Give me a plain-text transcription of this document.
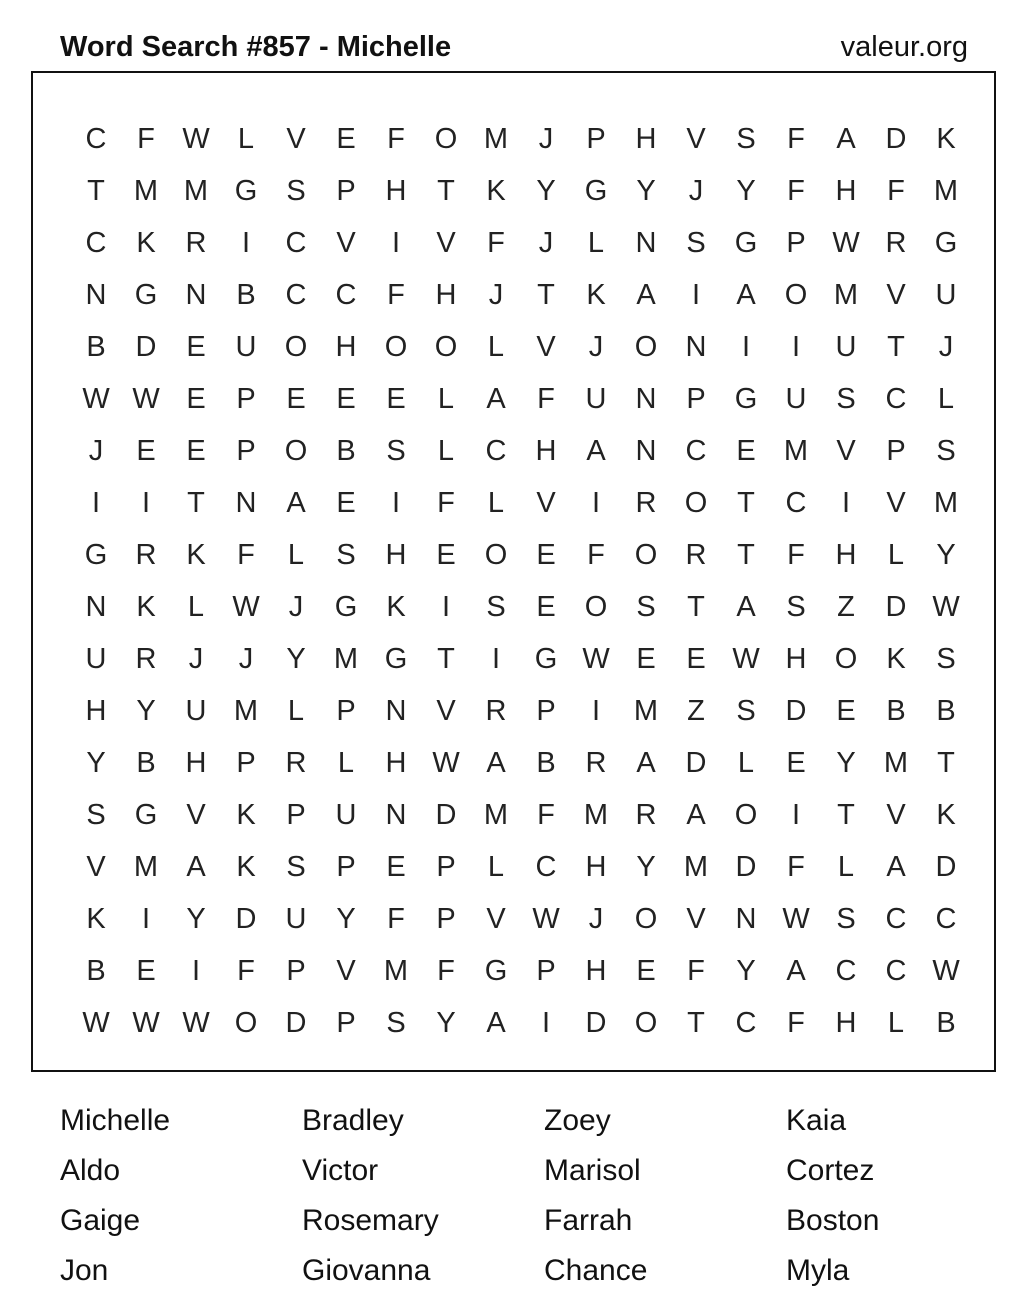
Word Search #857 - Michelle	valeur.org
C	F W L	V	E	F	O M	J	P	H	V	S	F	A	D	K
T	M M G	S	P	H	T	K	Y	G	Y	J	Y	F	H	F	M
C	K	R	I	C	V	I	V	F	J	L	N	S	G	P W R G
N G N	B	C	C	F	H	J	T	K	A	I	A	O M V	U
B	D	E	U O H O O	L	V	J	O N	I	I	U	T	J
W W E	P	E	E	E	L	A	F	U	N	P	G U	S	C	L
J	E	E	P	O	B	S	L	C	H	A	N	C	E M V	P	S
I	I	T	N	A	E	I	F	L	V	I	R O	T	C	I	V M
G R	K	F	L	S	H	E	O	E	F	O R	T	F	H	L	Y
N	K	L W	J	G	K	I	S	E	O	S	T	A	S	Z	D W
U	R	J	J	Y M G	T	I	G W E	E W H O	K	S
H	Y	U M	L	P	N	V	R	P	I	M	Z	S	D	E	B	B
Y	B	H	P	R	L	H W A	B	R	A	D	L	E	Y M	T
S	G	V	K	P	U	N	D M	F	M R	A	O	I	T	V	K
V M A	K	S	P	E	P	L	C	H	Y M D	F	L	A	D
K	I	Y	D	U	Y	F	P	V W	J	O	V	N W S	C	C
B	E	I	F	P	V M	F	G	P	H	E	F	Y	A	C	C W
W W W O D	P	S	Y	A	I	D O	T	C	F	H	L	B
Michelle	Bradley	Zoey	Kaia
Aldo	Victor	Marisol	Cortez
Gaige	Rosemary	Farrah	Boston
Jon	Giovanna	Chance	Myla
